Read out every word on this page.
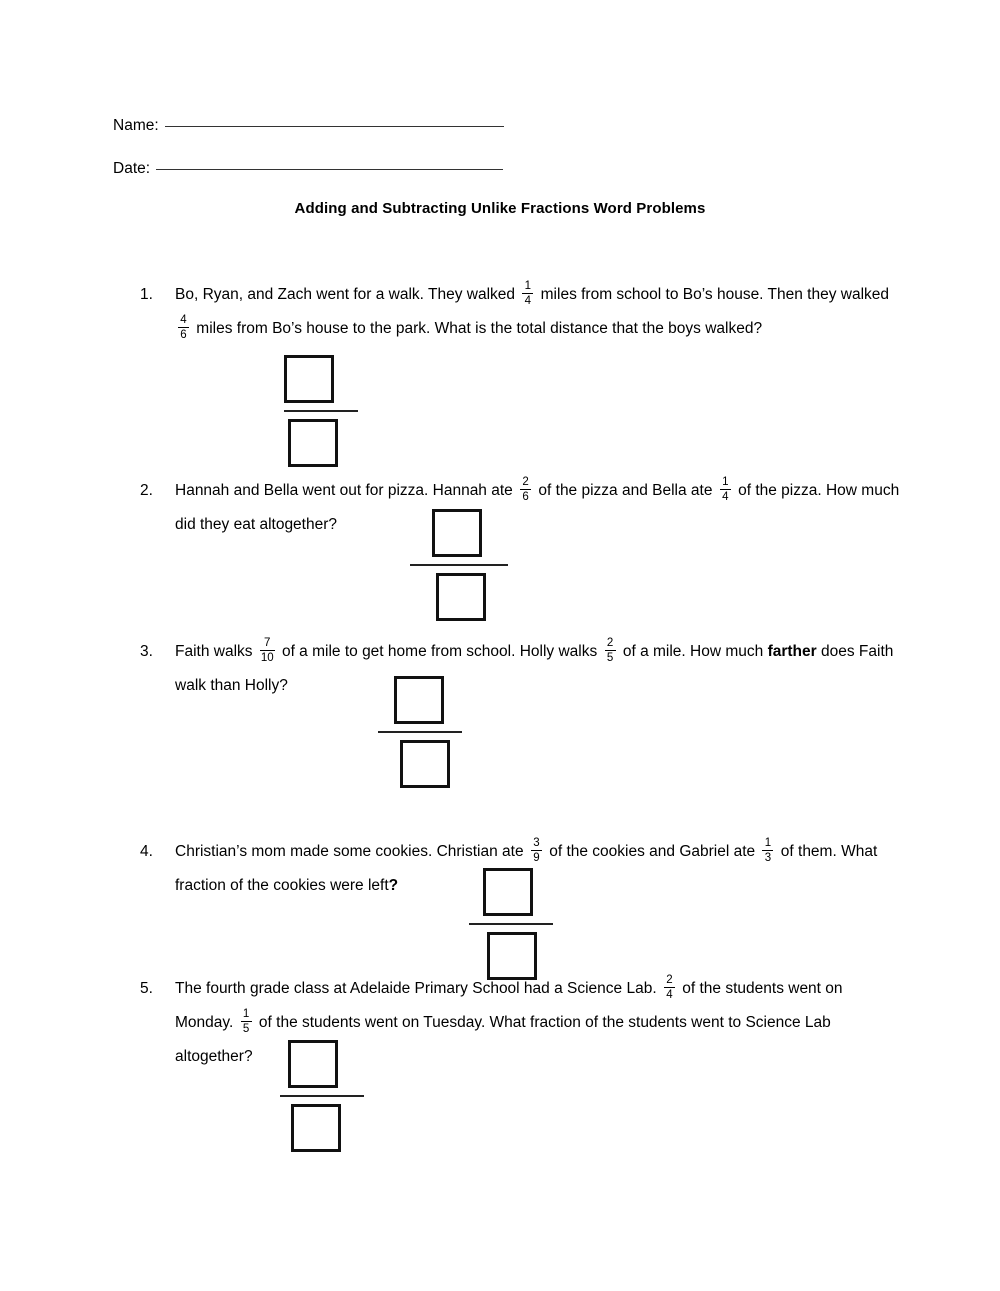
Name:
Date:
Adding and Subtracting Unlike Fractions Word Problems
1.	Bo, Ryan, and Zach went for a walk. They walked $\frac{1}{4}$ miles from school to Bo’s house. Then they walked
$\frac{4}{6}$ miles from Bo’s house to the park. What is the total distance that the boys walked?
2.	Hannah and Bella went out for pizza. Hannah ate $\frac{2}{6}$ of the pizza and Bella ate $\frac{1}{4}$ of the pizza. How much did they eat altogether?
3.	Faith walks $\frac{7}{10}$ of a mile to get home from school. Holly walks $\frac{2}{5}$ of a mile. How much farther does Faith walk than Holly?
4.	Christian’s mom made some cookies. Christian ate $\frac{3}{9}$ of the cookies and Gabriel ate $\frac{1}{3}$ of them. What fraction of the cookies were left?
5.	The fourth grade class at Adelaide Primary School had a Science Lab. $\frac{2}{4}$ of the students went on Monday. $\frac{1}{5}$ of the students went on Tuesday. What fraction of the students went to Science Lab altogether?
